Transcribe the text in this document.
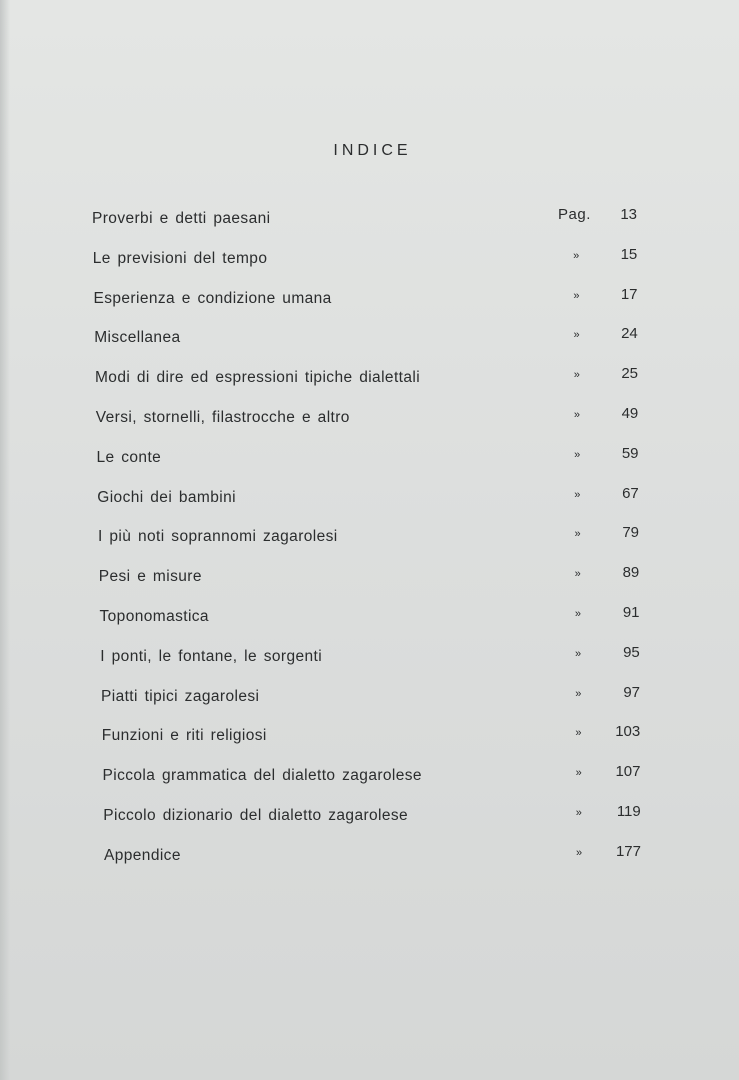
INDICE
Proverbi e detti paesani	Pag.	13
Le previsioni del tempo	»	15
Esperienza e condizione umana	»	17
Miscellanea	»	24
Modi di dire ed espressioni tipiche dialettali	»	25
Versi, stornelli, filastrocche e altro	»	49
Le conte	»	59
Giochi dei bambini	»	67
I più noti soprannomi zagarolesi	»	79
Pesi e misure	»	89
Toponomastica	»	91
I ponti, le fontane, le sorgenti	»	95
Piatti tipici zagarolesi	»	97
Funzioni e riti religiosi	»	103
Piccola grammatica del dialetto zagarolese	»	107
Piccolo dizionario del dialetto zagarolese	»	119
Appendice	»	177
